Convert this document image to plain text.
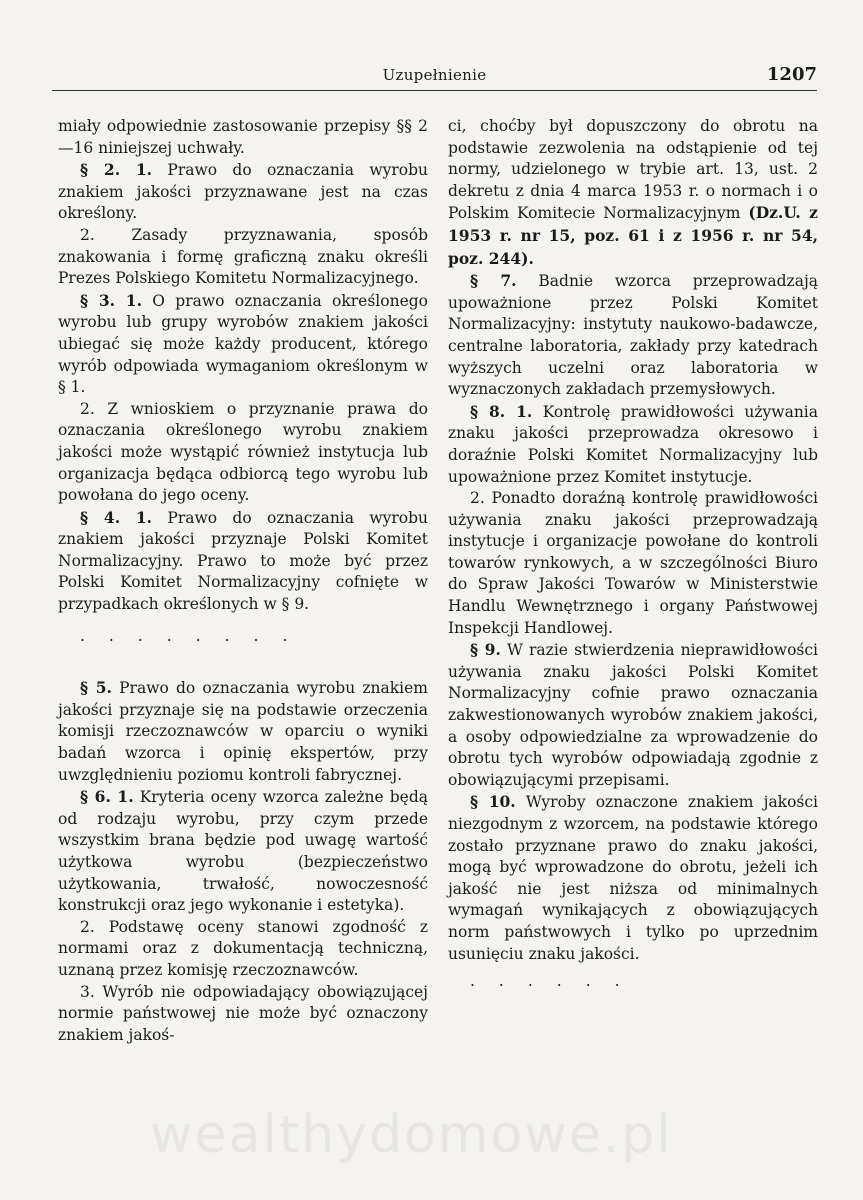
Uzupełnienie	1207

miały odpowiednie zastosowanie przepisy §§ 2—16 niniejszej uchwały.

§ 2. 1. Prawo do oznaczania wyrobu znakiem jakości przyznawane jest na czas określony.

2. Zasady przyznawania, sposób znakowania i formę graficzną znaku określi Prezes Polskiego Komitetu Normalizacyjnego.

§ 3. 1. O prawo oznaczania określonego wyrobu lub grupy wyrobów znakiem jakości ubiegać się może każdy producent, którego wyrób odpowiada wymaganiom określonym w § 1.

2. Z wnioskiem o przyznanie prawa do oznaczania określonego wyrobu znakiem jakości może wystąpić również instytucja lub organizacja będąca odbiorcą tego wyrobu lub powołana do jego oceny.

§ 4. 1. Prawo do oznaczania wyrobu znakiem jakości przyznaje Polski Komitet Normalizacyjny. Prawo to może być przez Polski Komitet Normalizacyjny cofnięte w przypadkach określonych w § 9.

........

§ 5. Prawo do oznaczania wyrobu znakiem jakości przyznaje się na podstawie orzeczenia komisji rzeczoznawców w oparciu o wyniki badań wzorca i opinię ekspertów, przy uwzględnieniu poziomu kontroli fabrycznej.

§ 6. 1. Kryteria oceny wzorca zależne będą od rodzaju wyrobu, przy czym przede wszystkim brana będzie pod uwagę wartość użytkowa wyrobu (bezpieczeństwo użytkowania, trwałość, nowoczesność konstrukcji oraz jego wykonanie i estetyka).

2. Podstawę oceny stanowi zgodność z normami oraz z dokumentacją techniczną, uznaną przez komisję rzeczoznawców.

3. Wyrób nie odpowiadający obowiązującej normie państwowej nie może być oznaczony znakiem jakoś-

ci, choćby był dopuszczony do obrotu na podstawie zezwolenia na odstąpienie od tej normy, udzielonego w trybie art. 13, ust. 2 dekretu z dnia 4 marca 1953 r. o normach i o Polskim Komitecie Normalizacyjnym (Dz.U. z 1953 r. nr 15, poz. 61 i z 1956 r. nr 54, poz. 244).

§ 7. Badnie wzorca przeprowadzają upoważnione przez Polski Komitet Normalizacyjny: instytuty naukowo-badawcze, centralne laboratoria, zakłady przy katedrach wyższych uczelni oraz laboratoria w wyznaczonych zakładach przemysłowych.

§ 8. 1. Kontrolę prawidłowości używania znaku jakości przeprowadza okresowo i doraźnie Polski Komitet Normalizacyjny lub upoważnione przez Komitet instytucje.

2. Ponadto doraźną kontrolę prawidłowości używania znaku jakości przeprowadzają instytucje i organizacje powołane do kontroli towarów rynkowych, a w szczególności Biuro do Spraw Jakości Towarów w Ministerstwie Handlu Wewnętrznego i organy Państwowej Inspekcji Handlowej.

§ 9. W razie stwierdzenia nieprawidłowości używania znaku jakości Polski Komitet Normalizacyjny cofnie prawo oznaczania zakwestionowanych wyrobów znakiem jakości, a osoby odpowiedzialne za wprowadzenie do obrotu tych wyrobów odpowiadają zgodnie z obowiązującymi przepisami.

§ 10. Wyroby oznaczone znakiem jakości niezgodnym z wzorcem, na podstawie którego zostało przyznane prawo do znaku jakości, mogą być wprowadzone do obrotu, jeżeli ich jakość nie jest niższa od minimalnych wymagań wynikających z obowiązujących norm państwowych i tylko po uprzednim usunięciu znaku jakości.

......

wealthydomowe.pl
